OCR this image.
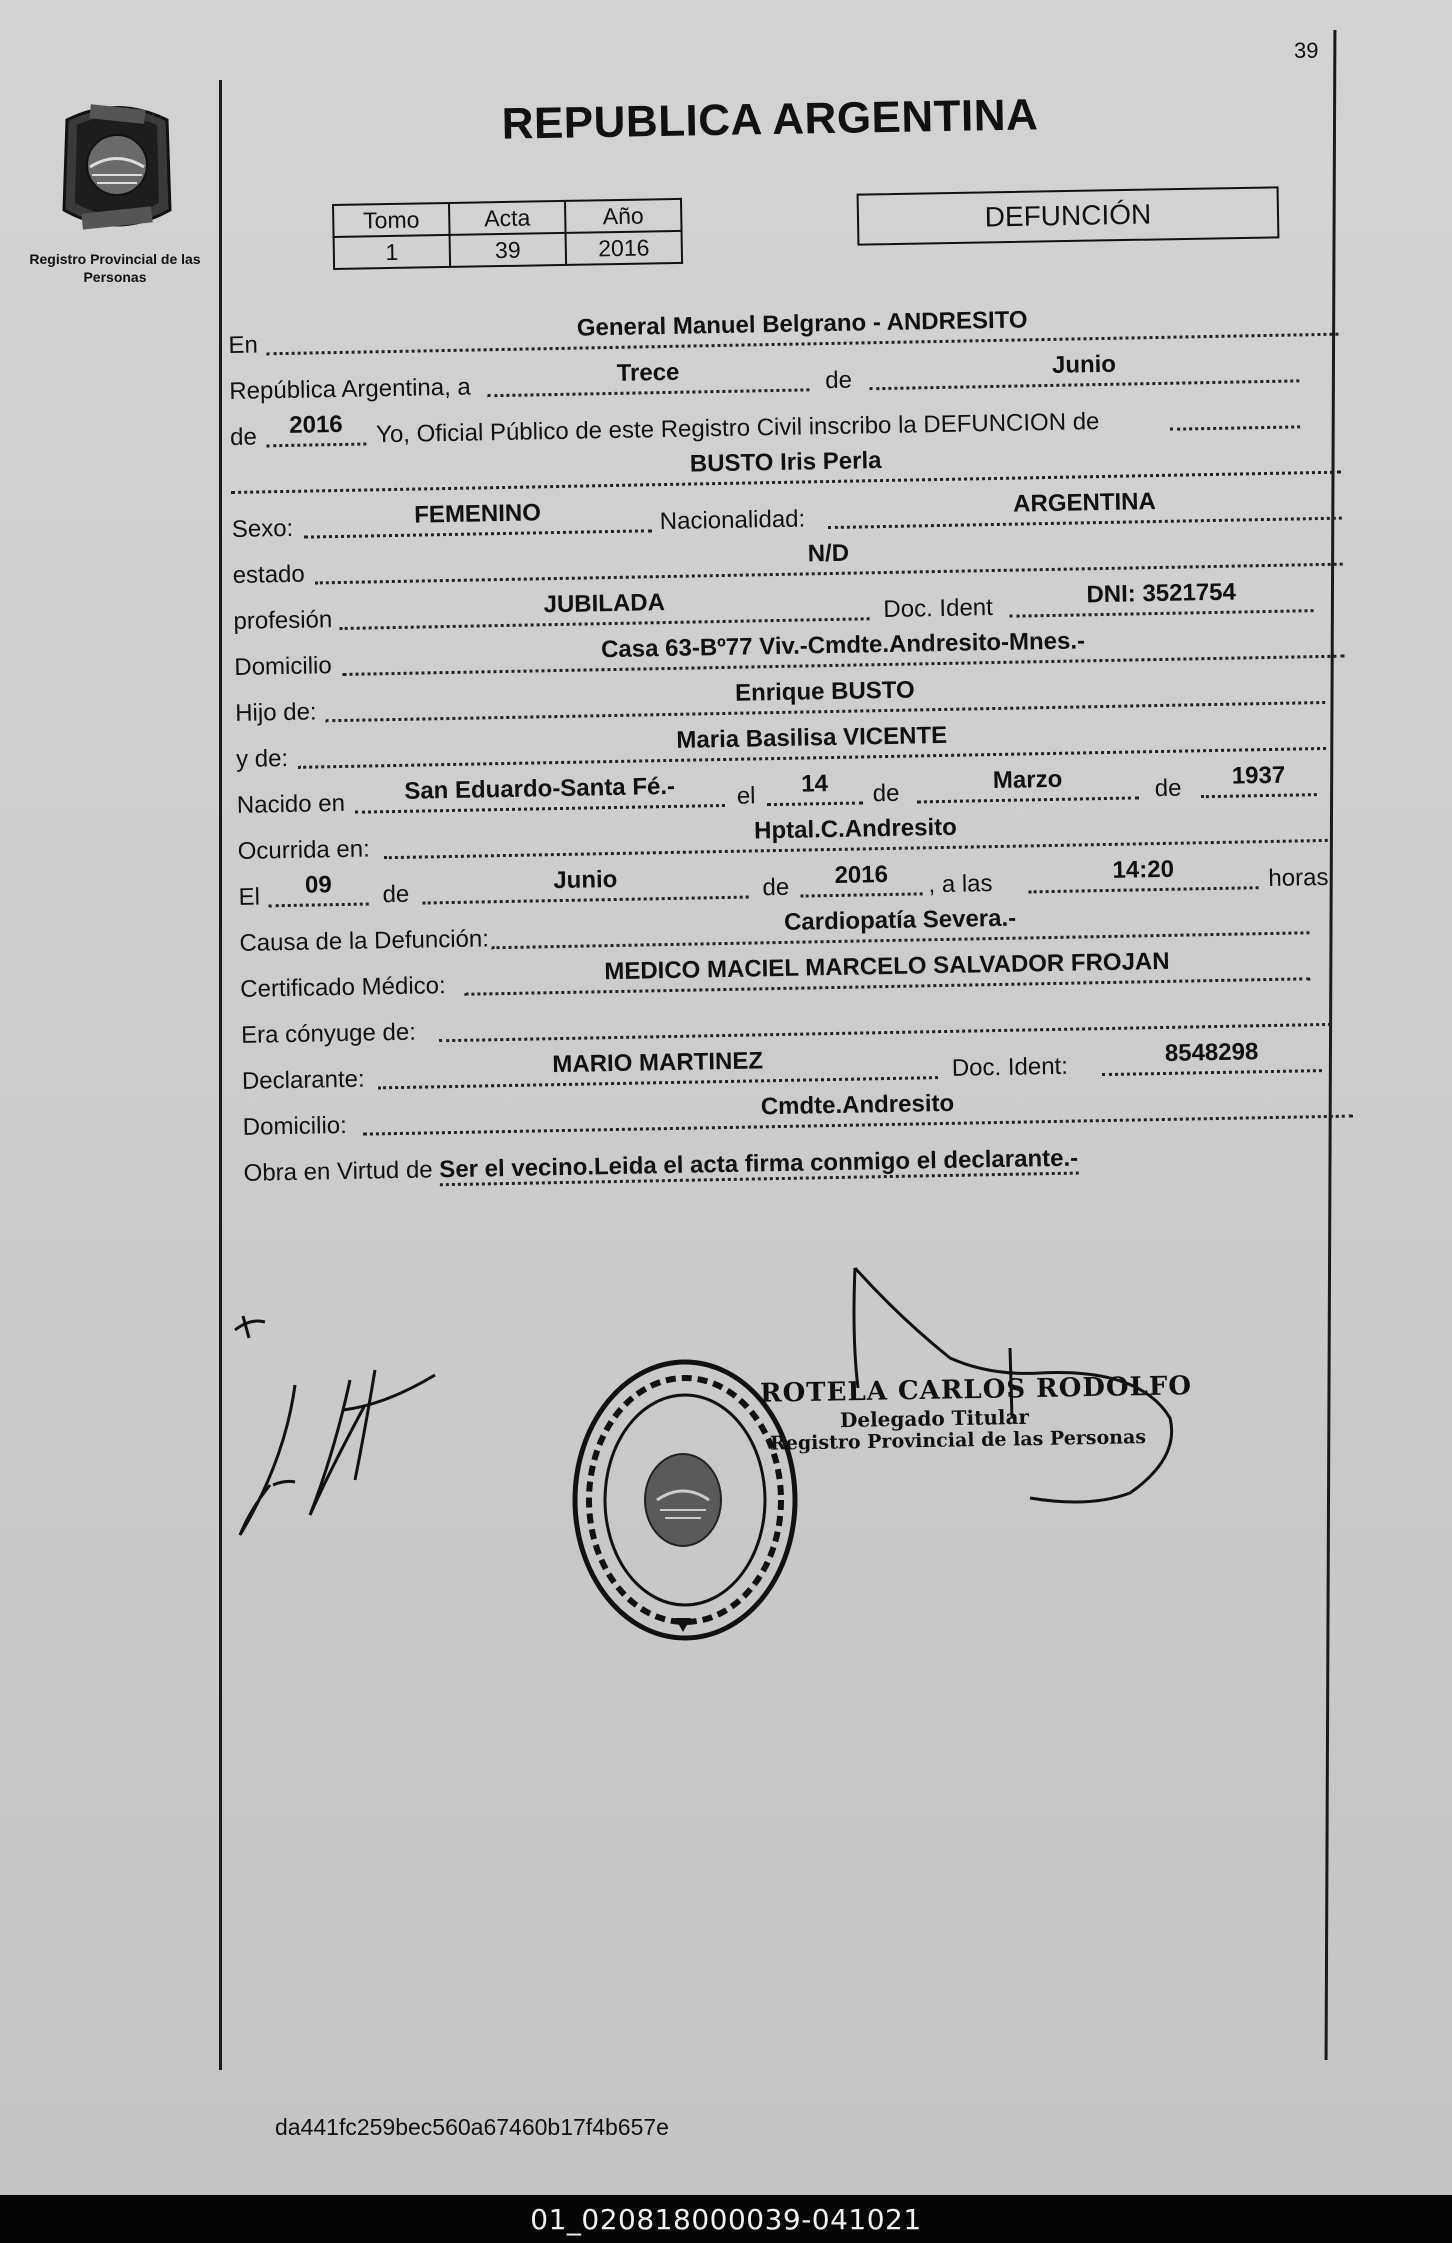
39
Registro Provincial de las Personas
REPUBLICA ARGENTINA
Tomo	Acta	Año
1	39	2016
DEFUNCIÓN
En
General Manuel Belgrano - ANDRESITO
República Argentina, a
Trece	de
Junio
de	2016	Yo, Oficial Público de este Registro Civil inscribo la DEFUNCION de
BUSTO Iris Perla
Sexo:
FEMENINO	Nacionalidad:
ARGENTINA
estado
N/D
profesión
JUBILADA	Doc. Ident
DNI: 3521754
Domicilio
Casa 63-Bº77 Viv.-Cmdte.Andresito-Mnes.-
Hijo de:
Enrique BUSTO
y de:
Maria Basilisa VICENTE
Nacido en	San Eduardo-Santa Fé.-	el	14	de	Marzo	de	1937
Ocurrida en:
Hptal.C.Andresito
El	09	de
Junio	de	2016	, a las
14:20	horas
Causa de la Defunción:
Cardiopatía Severa.-
Certificado Médico:
MEDICO MACIEL MARCELO SALVADOR FROJAN
Era cónyuge de:
Declarante:
MARIO MARTINEZ	Doc. Ident:
8548298
Domicilio:
Cmdte.Andresito
Obra en Virtud de Ser el vecino.Leida el acta firma conmigo el declarante.-
ROTELA CARLOS RODOLFO
Delegado Titular
Registro Provincial de las Personas
da441fc259bec560a67460b17f4b657e
01_020818000039-041021
